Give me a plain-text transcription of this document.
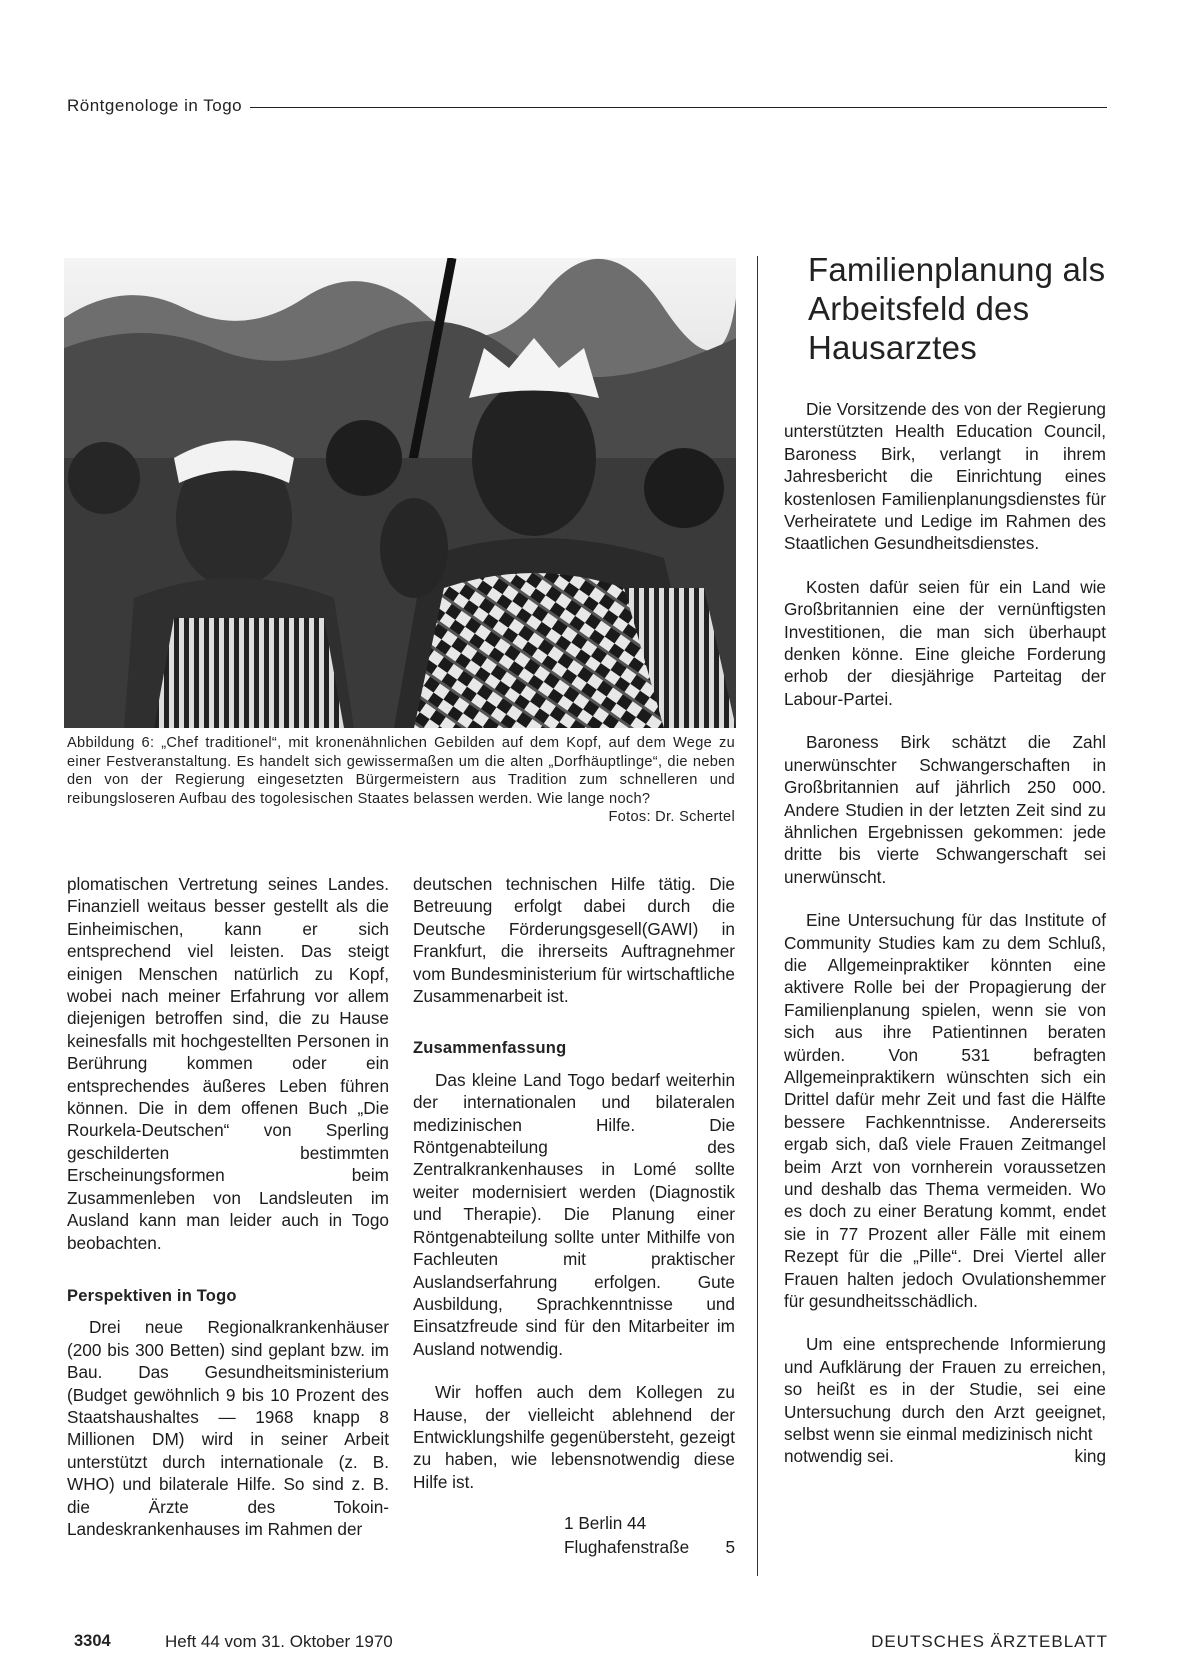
Röntgenologe in Togo
Abbildung 6: „Chef traditionel“, mit kronenähnlichen Gebilden auf dem Kopf, auf dem Wege zu einer Festveranstaltung. Es handelt sich gewissermaßen um die alten „Dorfhäuptlinge“, die neben den von der Regierung eingesetzten Bürgermeistern aus Tradition zum schnelleren und reibungsloseren Aufbau des togolesischen Staates belassen werden. Wie lange noch?
Fotos: Dr. Schertel

plomatischen Vertretung seines Landes. Finanziell weitaus besser gestellt als die Einheimischen, kann er sich entsprechend viel leisten. Das steigt einigen Menschen natürlich zu Kopf, wobei nach meiner Erfahrung vor allem diejenigen betroffen sind, die zu Hause keinesfalls mit hochgestellten Personen in Berührung kommen oder ein entsprechendes äußeres Leben führen können. Die in dem offenen Buch „Die Rourkela-Deutschen“ von Sperling geschilderten bestimmten Erscheinungsformen beim Zusammenleben von Landsleuten im Ausland kann man leider auch in Togo beobachten.

Perspektiven in Togo

Drei neue Regionalkrankenhäuser (200 bis 300 Betten) sind geplant bzw. im Bau. Das Gesundheitsministerium (Budget gewöhnlich 9 bis 10 Prozent des Staatshaushaltes — 1968 knapp 8 Millionen DM) wird in seiner Arbeit unterstützt durch internationale (z. B. WHO) und bilaterale Hilfe. So sind z. B. die Ärzte des Tokoin-Landeskrankenhauses im Rahmen der

deutschen technischen Hilfe tätig. Die Betreuung erfolgt dabei durch die Deutsche Förderungsgesell(GAWI) in Frankfurt, die ihrerseits Auftragnehmer vom Bundesministerium für wirtschaftliche Zusammenarbeit ist.

Zusammenfassung

Das kleine Land Togo bedarf weiterhin der internationalen und bilateralen medizinischen Hilfe. Die Röntgenabteilung des Zentralkrankenhauses in Lomé sollte weiter modernisiert werden (Diagnostik und Therapie). Die Planung einer Röntgenabteilung sollte unter Mithilfe von Fachleuten mit praktischer Auslandserfahrung erfolgen. Gute Ausbildung, Sprachkenntnisse und Einsatzfreude sind für den Mitarbeiter im Ausland notwendig.

Wir hoffen auch dem Kollegen zu Hause, der vielleicht ablehnend der Entwicklungshilfe gegenübersteht, gezeigt zu haben, wie lebensnotwendig diese Hilfe ist.

1 Berlin 44
Flughafenstraße 5
Familienplanung als Arbeitsfeld des Hausarztes

Die Vorsitzende des von der Regierung unterstützten Health Education Council, Baroness Birk, verlangt in ihrem Jahresbericht die Einrichtung eines kostenlosen Familienplanungsdienstes für Verheiratete und Ledige im Rahmen des Staatlichen Gesundheitsdienstes.

Kosten dafür seien für ein Land wie Großbritannien eine der vernünftigsten Investitionen, die man sich überhaupt denken könne. Eine gleiche Forderung erhob der diesjährige Parteitag der Labour-Partei.

Baroness Birk schätzt die Zahl unerwünschter Schwangerschaften in Großbritannien auf jährlich 250 000. Andere Studien in der letzten Zeit sind zu ähnlichen Ergebnissen gekommen: jede dritte bis vierte Schwangerschaft sei unerwünscht.

Eine Untersuchung für das Institute of Community Studies kam zu dem Schluß, die Allgemeinpraktiker könnten eine aktivere Rolle bei der Propagierung der Familienplanung spielen, wenn sie von sich aus ihre Patientinnen beraten würden. Von 531 befragten Allgemeinpraktikern wünschten sich ein Drittel dafür mehr Zeit und fast die Hälfte bessere Fachkenntnisse. Andererseits ergab sich, daß viele Frauen Zeitmangel beim Arzt von vornherein voraussetzen und deshalb das Thema vermeiden. Wo es doch zu einer Beratung kommt, endet sie in 77 Prozent aller Fälle mit einem Rezept für die „Pille“. Drei Viertel aller Frauen halten jedoch Ovulationshemmer für gesundheitsschädlich.

Um eine entsprechende Informierung und Aufklärung der Frauen zu erreichen, so heißt es in der Studie, sei eine Untersuchung durch den Arzt geeignet, selbst wenn sie einmal medizinisch nicht

notwendig sei.	king
3304	Heft 44 vom 31. Oktober 1970	DEUTSCHES ÄRZTEBLATT
